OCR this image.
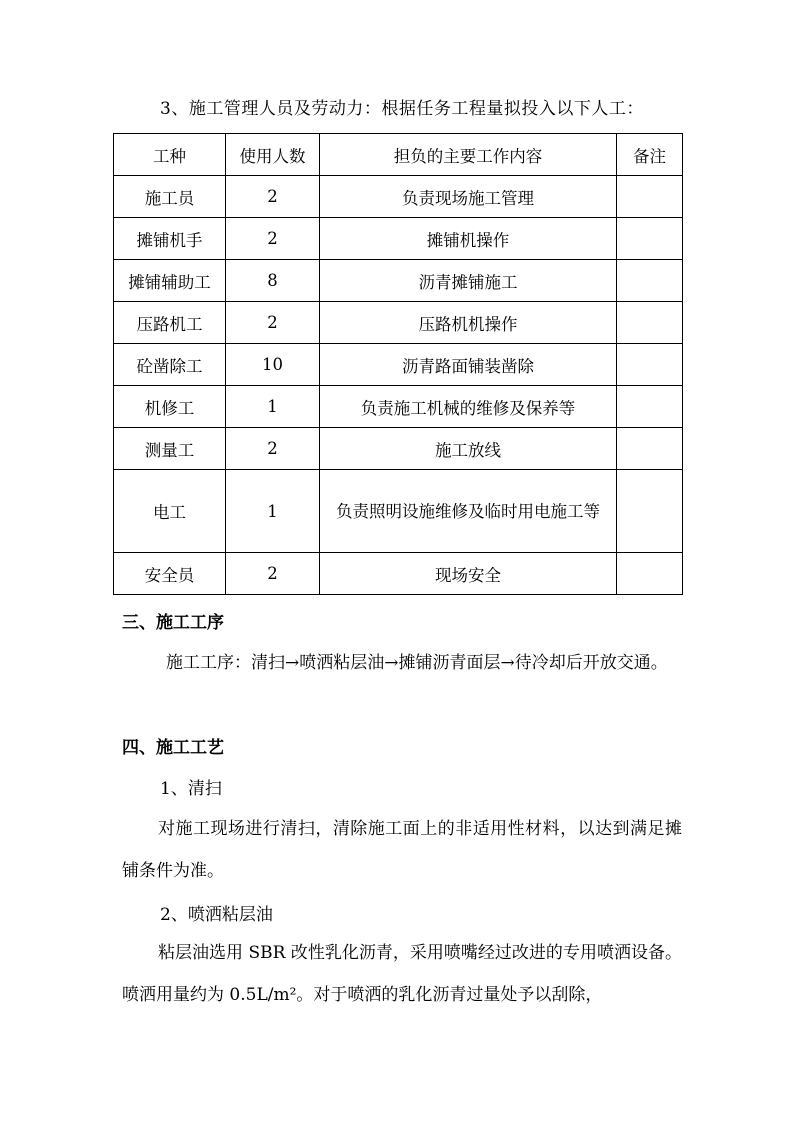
3、施工管理人员及劳动力：根据任务工程量拟投入以下人工：
工种	使用人数	担负的主要工作内容	备注
施工员	2	负责现场施工管理	
摊铺机手	2	摊铺机操作	
摊铺辅助工	8	沥青摊铺施工	
压路机工	2	压路机机操作	
砼凿除工	10	沥青路面铺装凿除	
机修工	1	负责施工机械的维修及保养等	
测量工	2	施工放线	
电工	1	负责照明设施维修及临时用电施工等	
安全员	2	现场安全	
三、施工工序
施工工序：清扫→喷洒粘层油→摊铺沥青面层→待冷却后开放交通。
四、施工工艺
1、清扫
对施工现场进行清扫，清除施工面上的非适用性材料，以达到满足摊铺条件为准。
2、喷洒粘层油
粘层油选用 SBR 改性乳化沥青，采用喷嘴经过改进的专用喷洒设备。喷洒用量约为 0.5L/m²。对于喷洒的乳化沥青过量处予以刮除，
